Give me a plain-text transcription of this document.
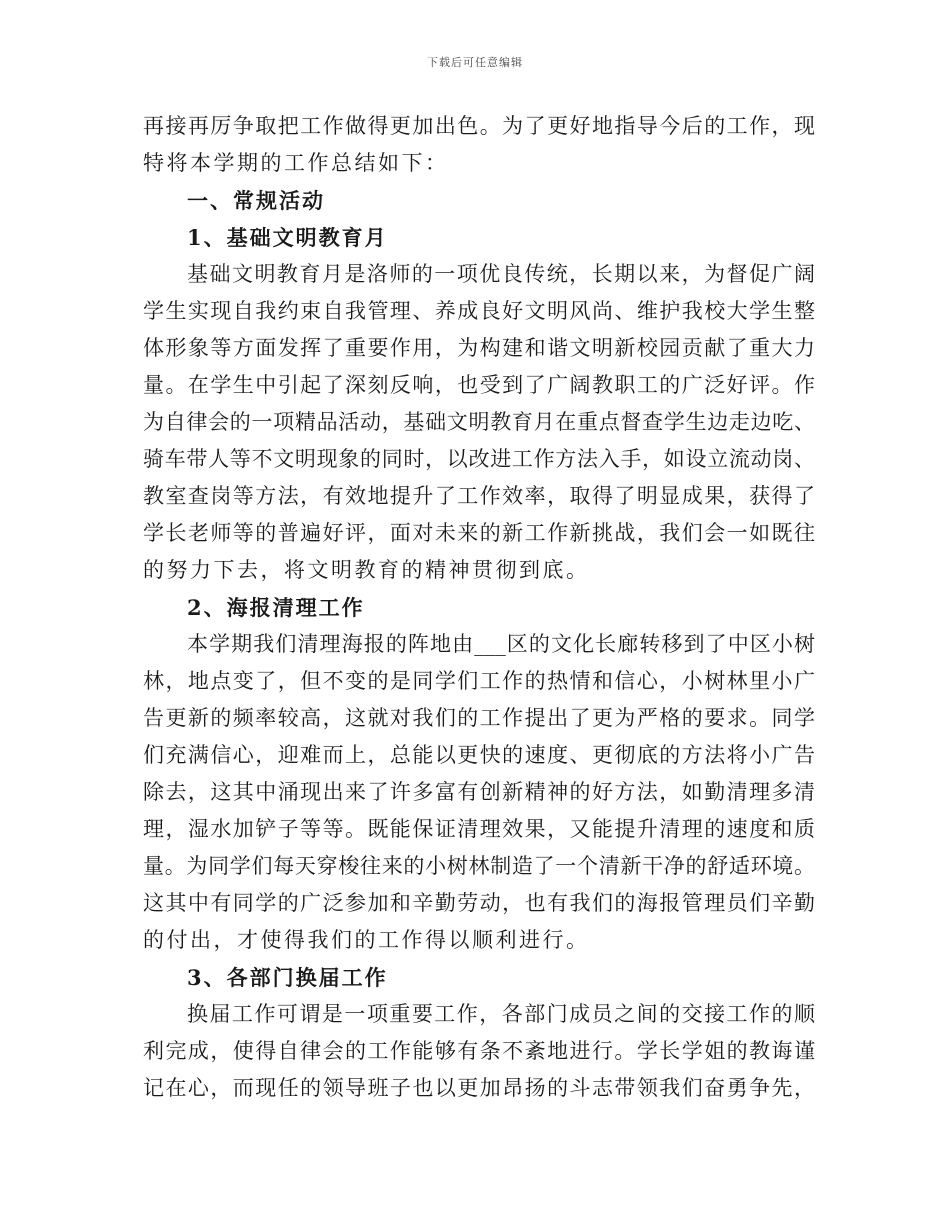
下载后可任意编辑
再接再厉争取把工作做得更加出色。为了更好地指导今后的工作，现
特将本学期的工作总结如下：
一、常规活动
1、基础文明教育月
基础文明教育月是洛师的一项优良传统，长期以来，为督促广阔
学生实现自我约束自我管理、养成良好文明风尚、维护我校大学生整
体形象等方面发挥了重要作用，为构建和谐文明新校园贡献了重大力
量。在学生中引起了深刻反响，也受到了广阔教职工的广泛好评。作
为自律会的一项精品活动，基础文明教育月在重点督查学生边走边吃、
骑车带人等不文明现象的同时，以改进工作方法入手，如设立流动岗、
教室查岗等方法，有效地提升了工作效率，取得了明显成果，获得了
学长老师等的普遍好评，面对未来的新工作新挑战，我们会一如既往
的努力下去，将文明教育的精神贯彻到底。
2、海报清理工作
本学期我们清理海报的阵地由___区的文化长廊转移到了中区小树
林，地点变了，但不变的是同学们工作的热情和信心，小树林里小广
告更新的频率较高，这就对我们的工作提出了更为严格的要求。同学
们充满信心，迎难而上，总能以更快的速度、更彻底的方法将小广告
除去，这其中涌现出来了许多富有创新精神的好方法，如勤清理多清
理，湿水加铲子等等。既能保证清理效果，又能提升清理的速度和质
量。为同学们每天穿梭往来的小树林制造了一个清新干净的舒适环境。
这其中有同学的广泛参加和辛勤劳动，也有我们的海报管理员们辛勤
的付出，才使得我们的工作得以顺利进行。
3、各部门换届工作
换届工作可谓是一项重要工作，各部门成员之间的交接工作的顺
利完成，使得自律会的工作能够有条不紊地进行。学长学姐的教诲谨
记在心，而现任的领导班子也以更加昂扬的斗志带领我们奋勇争先，
